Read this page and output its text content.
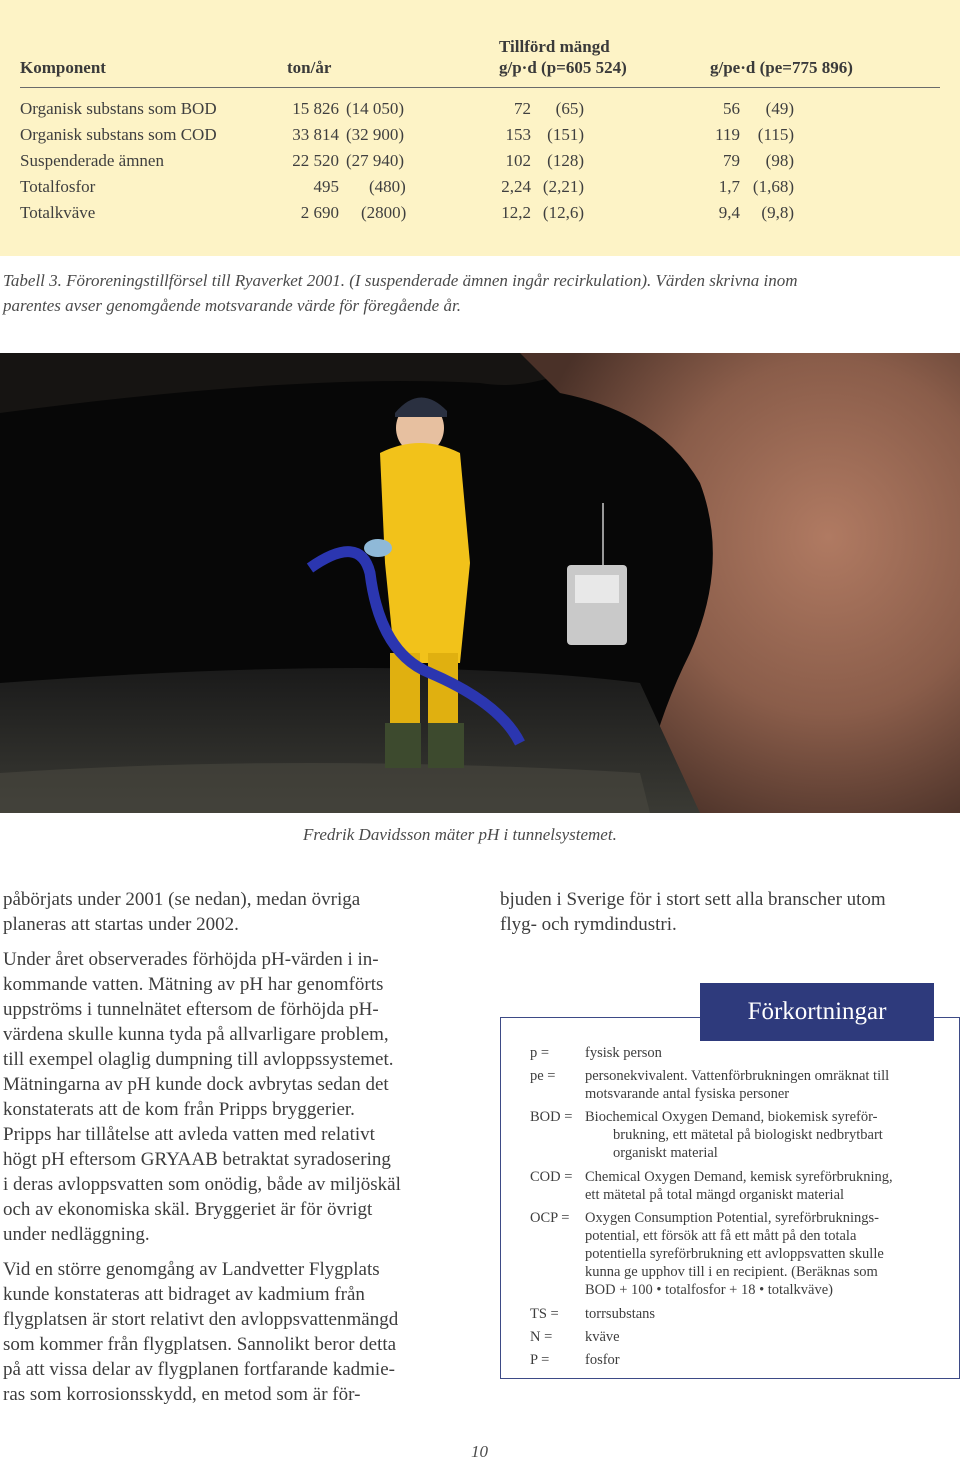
Tillförd mängd
Komponent	ton/år	g/p·d (p=605 524)	g/pe·d (pe=775 896)
Organisk substans som BOD	15 826 (14 050)	72 (65)	56 (49)
Organisk substans som COD	33 814 (32 900)	153 (151)	119 (115)
Suspenderade ämnen	22 520 (27 940)	102 (128)	79 (98)
Totalfosfor	495 (480)	2,24 (2,21)	1,7 (1,68)
Totalkväve	2 690 (2800)	12,2 (12,6)	9,4 (9,8)
Tabell 3. Föroreningstillförsel till Ryaverket 2001. (I suspenderade ämnen ingår recirkulation). Värden skrivna inom
parentes avser genomgående motsvarande värde för föregående år.
Fredrik Davidsson mäter pH i tunnelsystemet.

påbörjats under 2001 (se nedan), medan övriga

planeras att startas under 2002.

Under året observerades förhöjda pH-värden i in-

kommande vatten. Mätning av pH har genomförts

uppströms i tunnelnätet eftersom de förhöjda pH-

värdena skulle kunna tyda på allvarligare problem,

till exempel olaglig dumpning till avloppssystemet.

Mätningarna av pH kunde dock avbrytas sedan det

konstaterats att de kom från Pripps bryggerier.

Pripps har tillåtelse att avleda vatten med relativt

högt pH eftersom GRYAAB betraktat syradosering

i deras avloppsvatten som onödig, både av miljöskäl

och av ekonomiska skäl. Bryggeriet är för övrigt

under nedläggning.

Vid en större genomgång av Landvetter Flygplats

kunde konstateras att bidraget av kadmium från

flygplatsen är stort relativt den avloppsvattenmängd

som kommer från flygplatsen. Sannolikt beror detta

på att vissa delar av flygplanen fortfarande kadmie-

ras som korrosionsskydd, en metod som är för-

bjuden i Sverige för i stort sett alla branscher utom

flyg- och rymdindustri.

Förkortningar
p = fysisk person
pe = personekvivalent. Vattenförbrukningen omräknat till
motsvarande antal fysiska personer
BOD = Biochemical Oxygen Demand, biokemisk syreför-
brukning, ett mätetal på biologiskt nedbrytbart
organiskt material
COD = Chemical Oxygen Demand, kemisk syreförbrukning,
ett mätetal på total mängd organiskt material
OCP = Oxygen Consumption Potential, syreförbruknings-
potential, ett försök att få ett mått på den totala
potentiella syreförbrukning ett avloppsvatten skulle
kunna ge upphov till i en recipient. (Beräknas som
BOD + 100 • totalfosfor + 18 • totalkväve)
TS = torrsubstans
N = kväve
P = fosfor
10
